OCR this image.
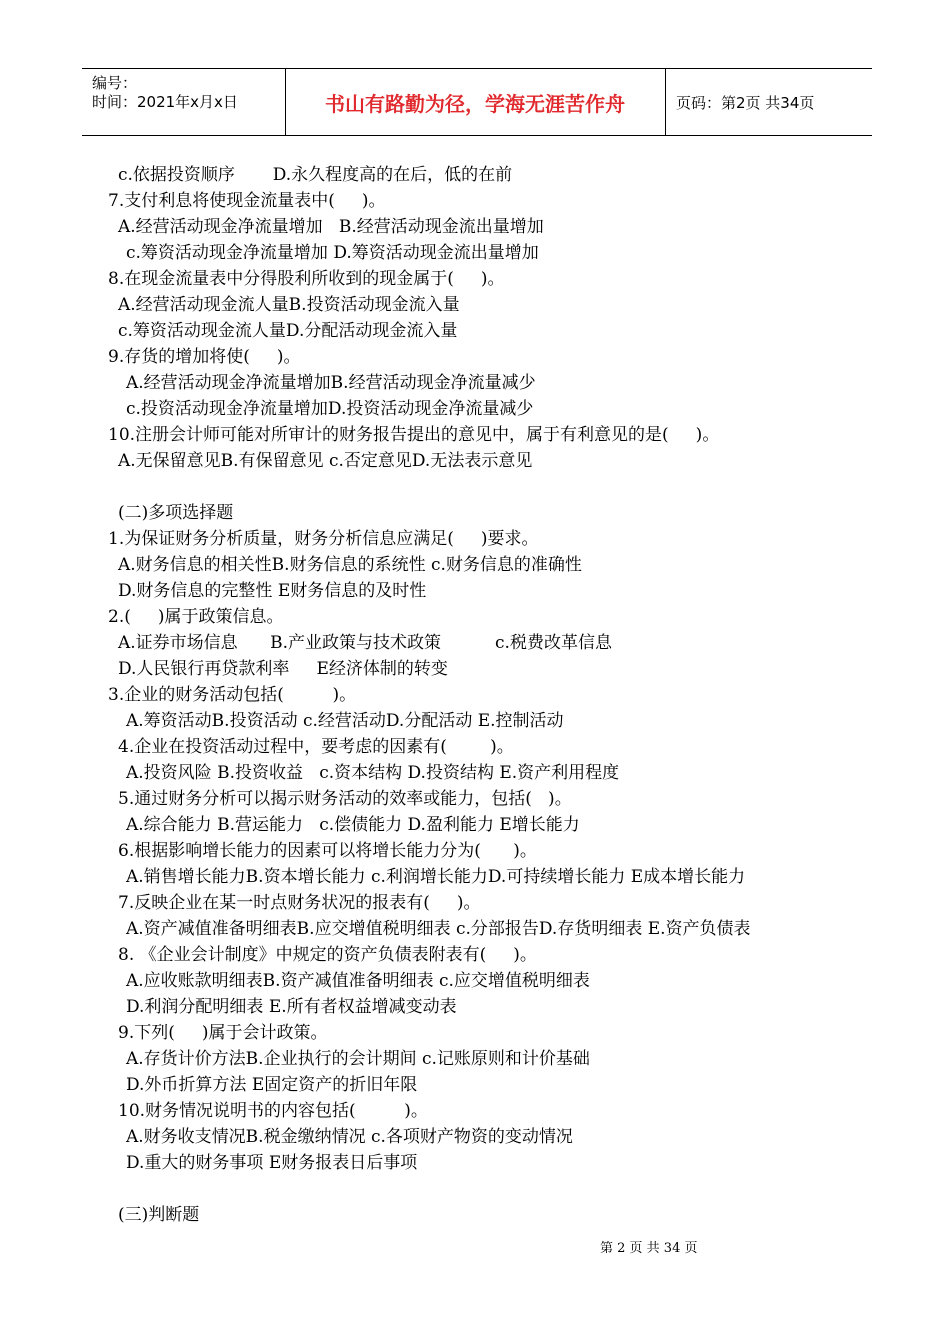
编号：
时间：2021年x月x日	书山有路勤为径，学海无涯苦作舟	页码：第2页 共34页
c.依据投资顺序       D.永久程度高的在后，低的在前
7.支付利息将使现金流量表中(     )。
A.经营活动现金净流量增加   B.经营活动现金流出量增加
c.筹资活动现金净流量增加 D.筹资活动现金流出量增加
8.在现金流量表中分得股利所收到的现金属于(     )。
A.经营活动现金流人量B.投资活动现金流入量
c.筹资活动现金流人量D.分配活动现金流入量
9.存货的增加将使(     )。
A.经营活动现金净流量增加B.经营活动现金净流量减少
c.投资活动现金净流量增加D.投资活动现金净流量减少
10.注册会计师可能对所审计的财务报告提出的意见中，属于有利意见的是(     )。
A.无保留意见B.有保留意见 c.否定意见D.无法表示意见
(二)多项选择题
1.为保证财务分析质量，财务分析信息应满足(     )要求。
A.财务信息的相关性B.财务信息的系统性 c.财务信息的准确性
D.财务信息的完整性 E财务信息的及时性
2.(     )属于政策信息。
A.证券市场信息      B.产业政策与技术政策          c.税费改革信息
D.人民银行再贷款利率     E经济体制的转变
3.企业的财务活动包括(         )。
A.筹资活动B.投资活动 c.经营活动D.分配活动 E.控制活动
4.企业在投资活动过程中，要考虑的因素有(        )。
A.投资风险 B.投资收益   c.资本结构 D.投资结构 E.资产利用程度
5.通过财务分析可以揭示财务活动的效率或能力，包括(   )。
A.综合能力 B.营运能力   c.偿债能力 D.盈利能力 E增长能力
6.根据影响增长能力的因素可以将增长能力分为(      )。
A.销售增长能力B.资本增长能力 c.利润增长能力D.可持续增长能力 E成本增长能力
7.反映企业在某一时点财务状况的报表有(     )。
A.资产减值准备明细表B.应交增值税明细表 c.分部报告D.存货明细表 E.资产负债表
8. 《企业会计制度》中规定的资产负债表附表有(     )。
A.应收账款明细表B.资产减值准备明细表 c.应交增值税明细表
D.利润分配明细表 E.所有者权益增减变动表
9.下列(     )属于会计政策。
A.存货计价方法B.企业执行的会计期间 c.记账原则和计价基础
D.外币折算方法 E固定资产的折旧年限
10.财务情况说明书的内容包括(         )。
A.财务收支情况B.税金缴纳情况 c.各项财产物资的变动情况
D.重大的财务事项 E财务报表日后事项
(三)判断题
第 2 页 共 34 页
